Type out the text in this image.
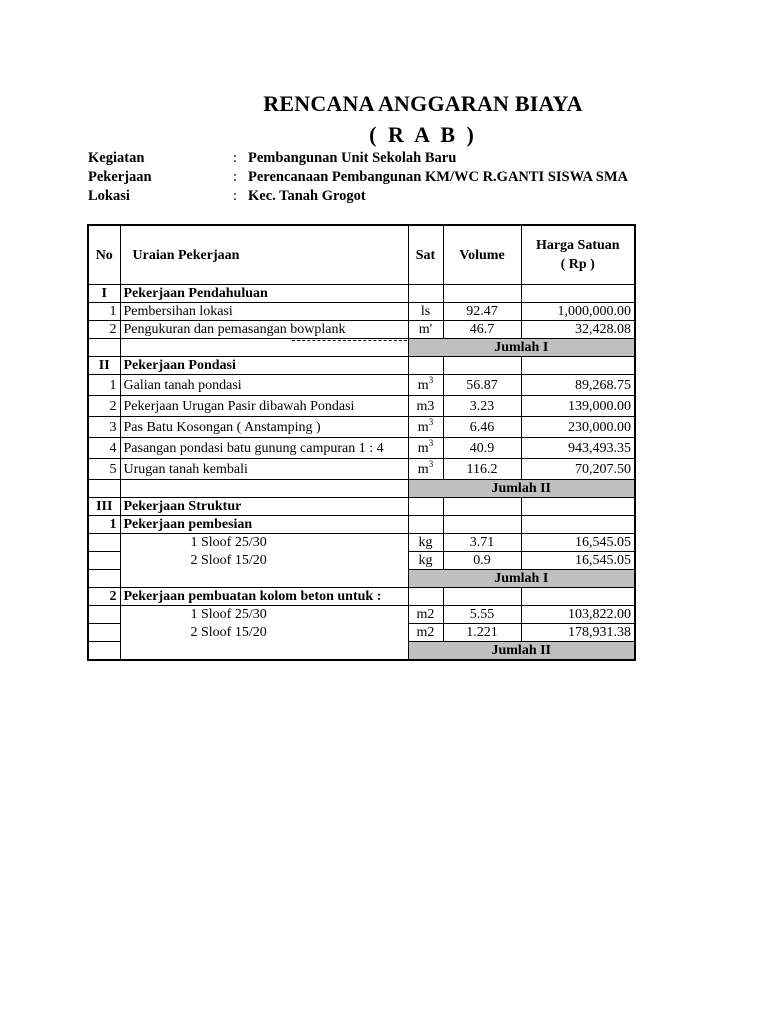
RENCANA ANGGARAN BIAYA
( R A B )
Kegiatan	: Pembangunan Unit Sekolah Baru
Pekerjaan	: Perencanaan Pembangunan KM/WC R.GANTI SISWA SMA
Lokasi	: Kec. Tanah Grogot
No	Uraian Pekerjaan	Sat	Volume	Harga Satuan
( Rp )
I	Pekerjaan Pendahuluan			
1	Pembersihan lokasi	ls	92.47	1,000,000.00
2	Pengukuran dan pemasangan bowplank	m'	46.7	32,428.08
		Jumlah I		
II	Pekerjaan Pondasi			
1	Galian tanah pondasi	$m^3$	56.87	89,268.75
2	Pekerjaan Urugan Pasir dibawah Pondasi	m3	3.23	139,000.00
3	Pas Batu Kosongan ( Anstamping )	$m^3$	6.46	230,000.00
4	Pasangan pondasi batu gunung campuran 1 : 4	$m^3$	40.9	943,493.35
5	Urugan tanah kembali	$m^3$	116.2	70,207.50
		Jumlah II		
III	Pekerjaan Struktur			
1	Pekerjaan pembesian			
	1 Sloof 25/30	kg	3.71	16,545.05
	2 Sloof 15/20	kg	0.9	16,545.05
		Jumlah I		
2	Pekerjaan pembuatan kolom beton untuk :			
	1 Sloof 25/30	m2	5.55	103,822.00
	2 Sloof 15/20	m2	1.221	178,931.38
		Jumlah II		
